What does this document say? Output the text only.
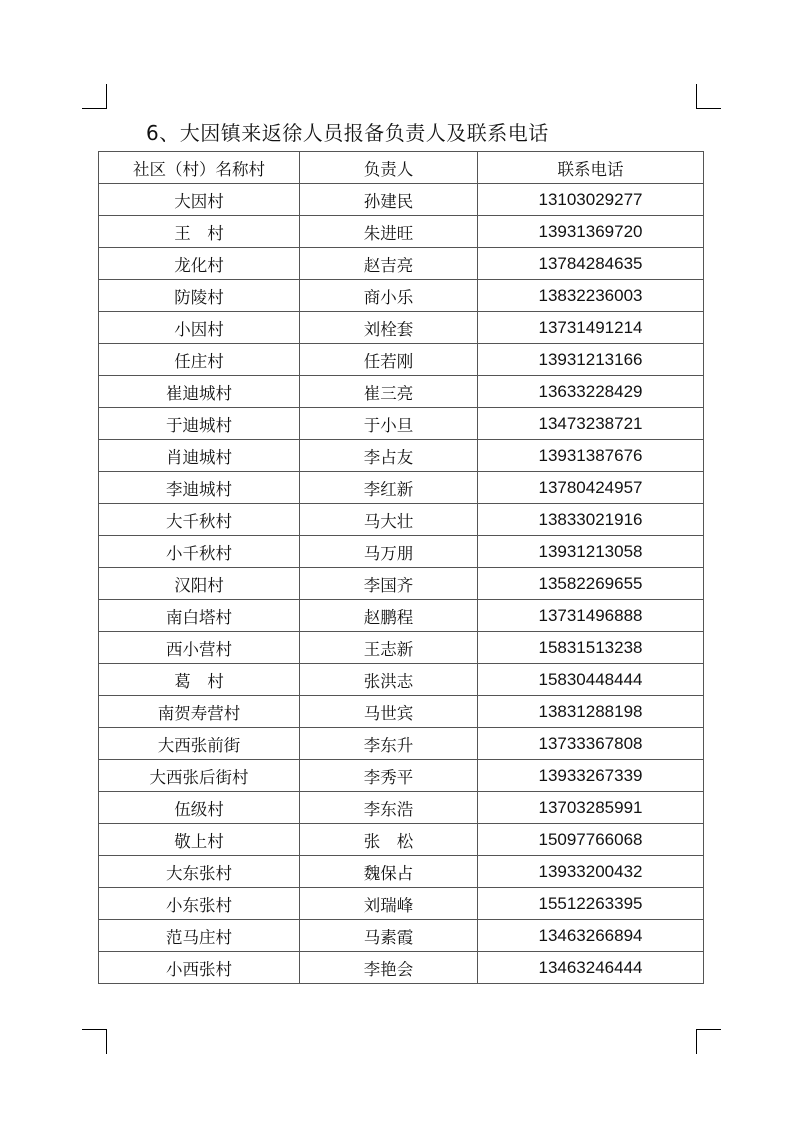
6、大因镇来返徐人员报备负责人及联系电话
社区（村）名称村	负责人	联系电话
大因村	孙建民	13103029277
王　村	朱进旺	13931369720
龙化村	赵吉亮	13784284635
防陵村	商小乐	13832236003
小因村	刘栓套	13731491214
任庄村	任若刚	13931213166
崔迪城村	崔三亮	13633228429
于迪城村	于小旦	13473238721
肖迪城村	李占友	13931387676
李迪城村	李红新	13780424957
大千秋村	马大壮	13833021916
小千秋村	马万朋	13931213058
汉阳村	李国齐	13582269655
南白塔村	赵鹏程	13731496888
西小营村	王志新	15831513238
葛　村	张洪志	15830448444
南贺寿营村	马世宾	13831288198
大西张前街	李东升	13733367808
大西张后街村	李秀平	13933267339
伍级村	李东浩	13703285991
敬上村	张　松	15097766068
大东张村	魏保占	13933200432
小东张村	刘瑞峰	15512263395
范马庄村	马素霞	13463266894
小西张村	李艳会	13463246444
